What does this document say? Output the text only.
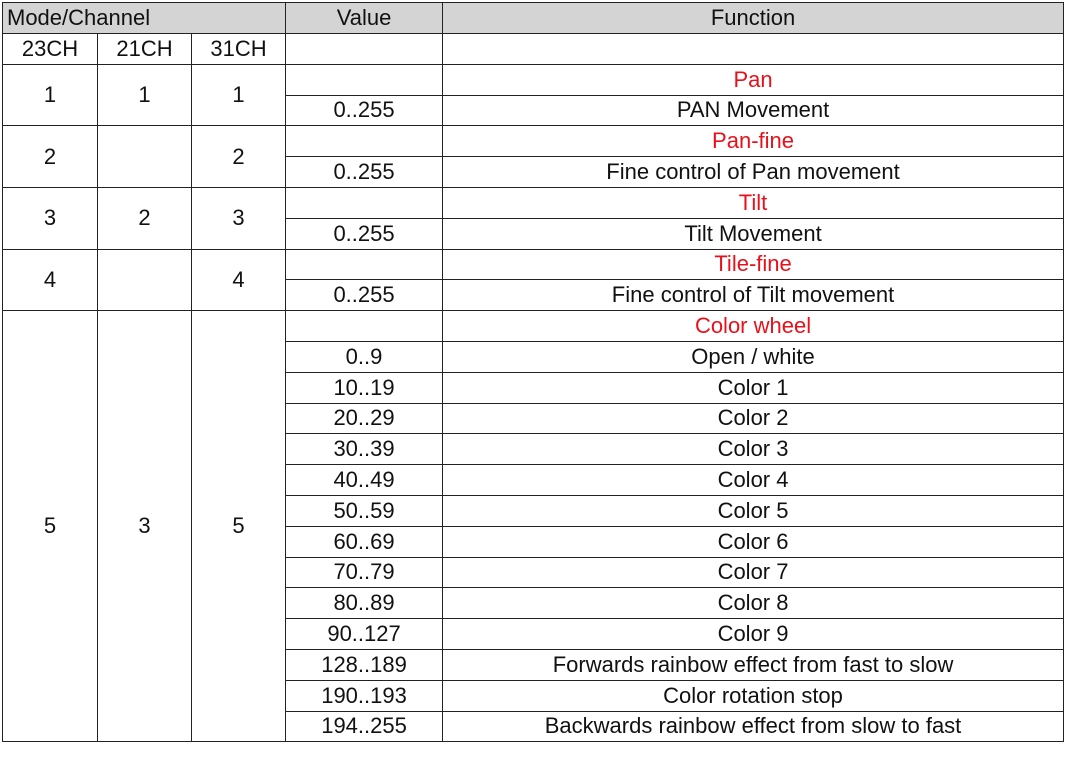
Mode/Channel			Value	Function
23CH	21CH	31CH		
1	1	1		Pan
			0..255	PAN Movement
2		2		Pan-fine
			0..255	Fine control of Pan movement
3	2	3		Tilt
			0..255	Tilt Movement
4		4		Tile-fine
			0..255	Fine control of Tilt movement
5	3	5		Color wheel
			0..9	Open / white
			10..19	Color 1
			20..29	Color 2
			30..39	Color 3
			40..49	Color 4
			50..59	Color 5
			60..69	Color 6
			70..79	Color 7
			80..89	Color 8
			90..127	Color 9
			128..189	Forwards rainbow effect from fast to slow
			190..193	Color rotation stop
			194..255	Backwards rainbow effect from slow to fast
